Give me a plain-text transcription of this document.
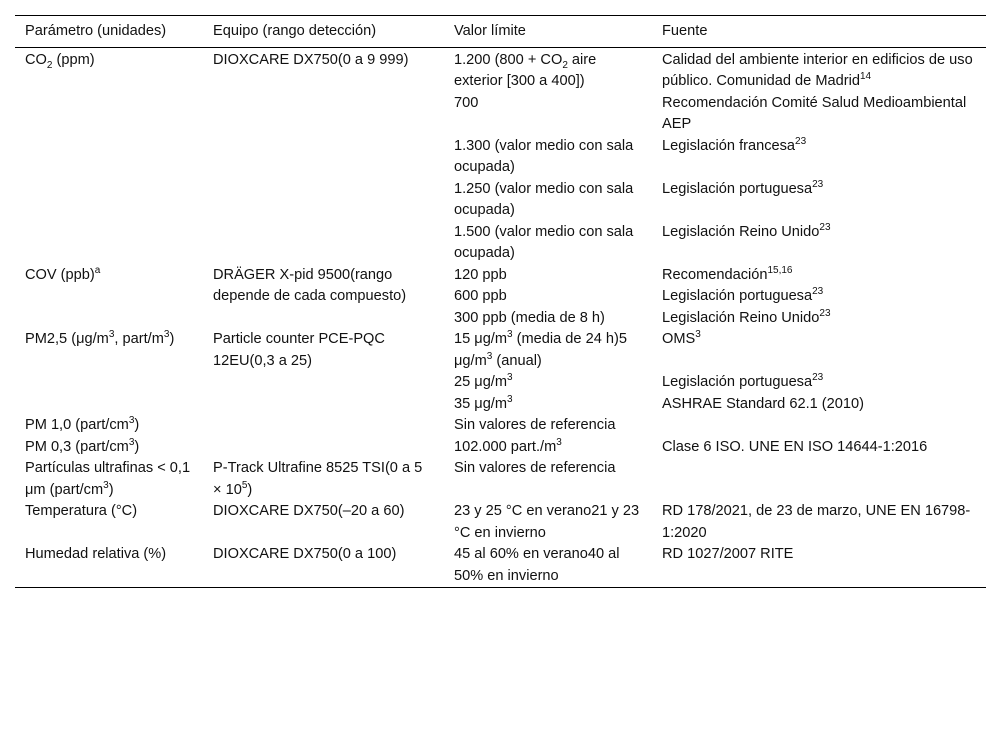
Parámetro (unidades)	Equipo (rango detección)	Valor límite	Fuente
$CO_2$ (ppm)	DIOXCARE DX750(0 a 9 999)	1.200 ($800 + CO_2$ aire exterior [300 a 400])	Calidad del ambiente interior en edificios de uso público. Comunidad de Madrid$^{14}$
		700	Recomendación Comité Salud Medioambiental AEP
		1.300 (valor medio con sala ocupada)	Legislación francesa$^{23}$
		1.250 (valor medio con sala ocupada)	Legislación portuguesa$^{23}$
		1.500 (valor medio con sala ocupada)	Legislación Reino Unido$^{23}$
COV (ppb)$^a$	DRÄGER X-pid 9500(rango depende de cada compuesto)	120 ppb	Recomendación$^{15,16}$
		600 ppb	Legislación portuguesa$^{23}$
		300 ppb (media de 8 h)	Legislación Reino Unido$^{23}$
PM2,5 ($\mu g/m^3$, part/$m^3$)	Particle counter PCE-PQC 12EU(0,3 a 25)	15 $\mu g/m^3$ (media de 24 h)5 $\mu g/m^3$ (anual)	OMS$^3$
		25 $\mu g/m^3$	Legislación portuguesa$^{23}$
		35 $\mu g/m^3$	ASHRAE Standard 62.1 (2010)
PM 1,0 $(part/cm^3)$		Sin valores de referencia	
PM 0,3 $(part/cm^3)$		102.000 $part./m^3$	Clase 6 ISO. UNE EN ISO 14644-1:2016
Partículas ultrafinas < 0,1 μm $(part/cm^3)$	P-Track Ultrafine 8525 TSI(0 a $5 \times 10^5$)	Sin valores de referencia	
Temperatura (°C)	DIOXCARE DX750(–20 a 60)	23 y 25 °C en verano21 y 23 °C en invierno	RD 178/2021, de 23 de marzo, UNE EN 16798-1:2020
Humedad relativa (%)	DIOXCARE DX750(0 a 100)	45 al 60% en verano40 al 50% en invierno	RD 1027/2007 RITE
